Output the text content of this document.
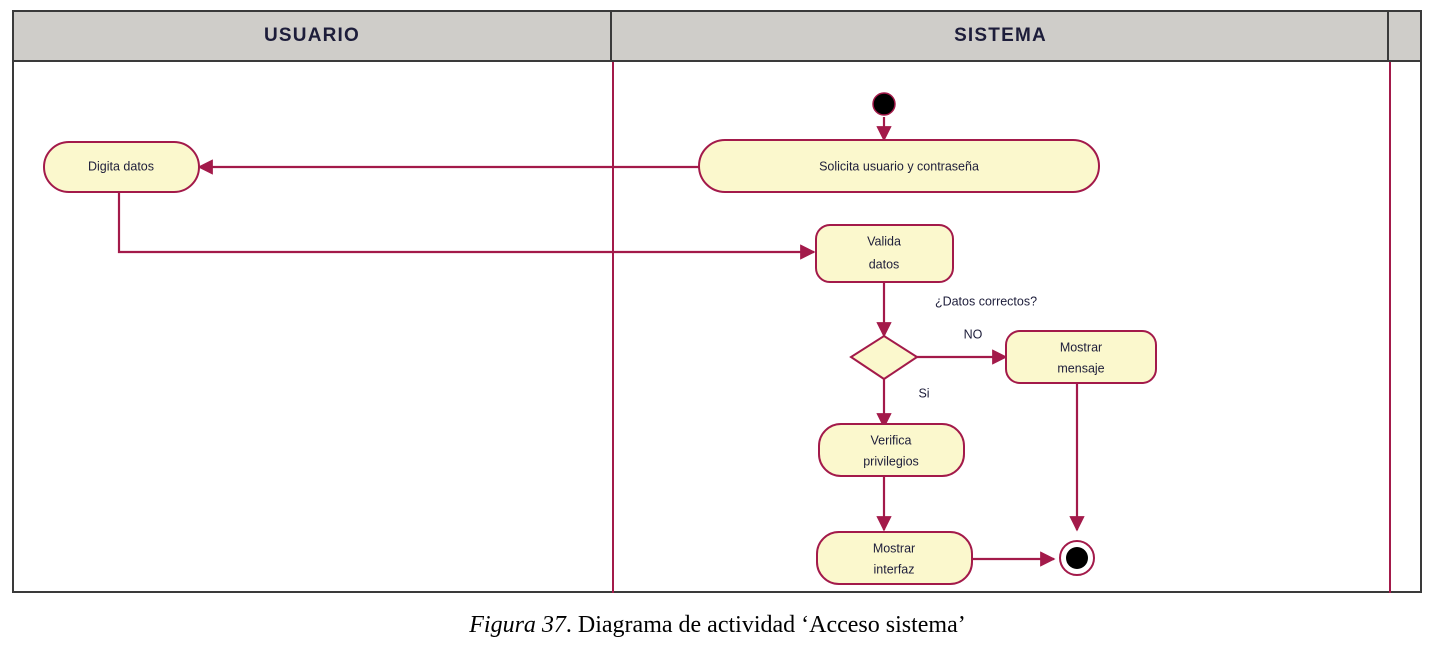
USUARIO	SISTEMA
Solicita usuario y contraseña
Digita datos
Valida
datos
¿Datos correctos?
NO
Si
Mostrar
mensaje
Verifica
privilegios
Mostrar
interfaz
Figura 37. Diagrama de actividad ‘Acceso sistema’
